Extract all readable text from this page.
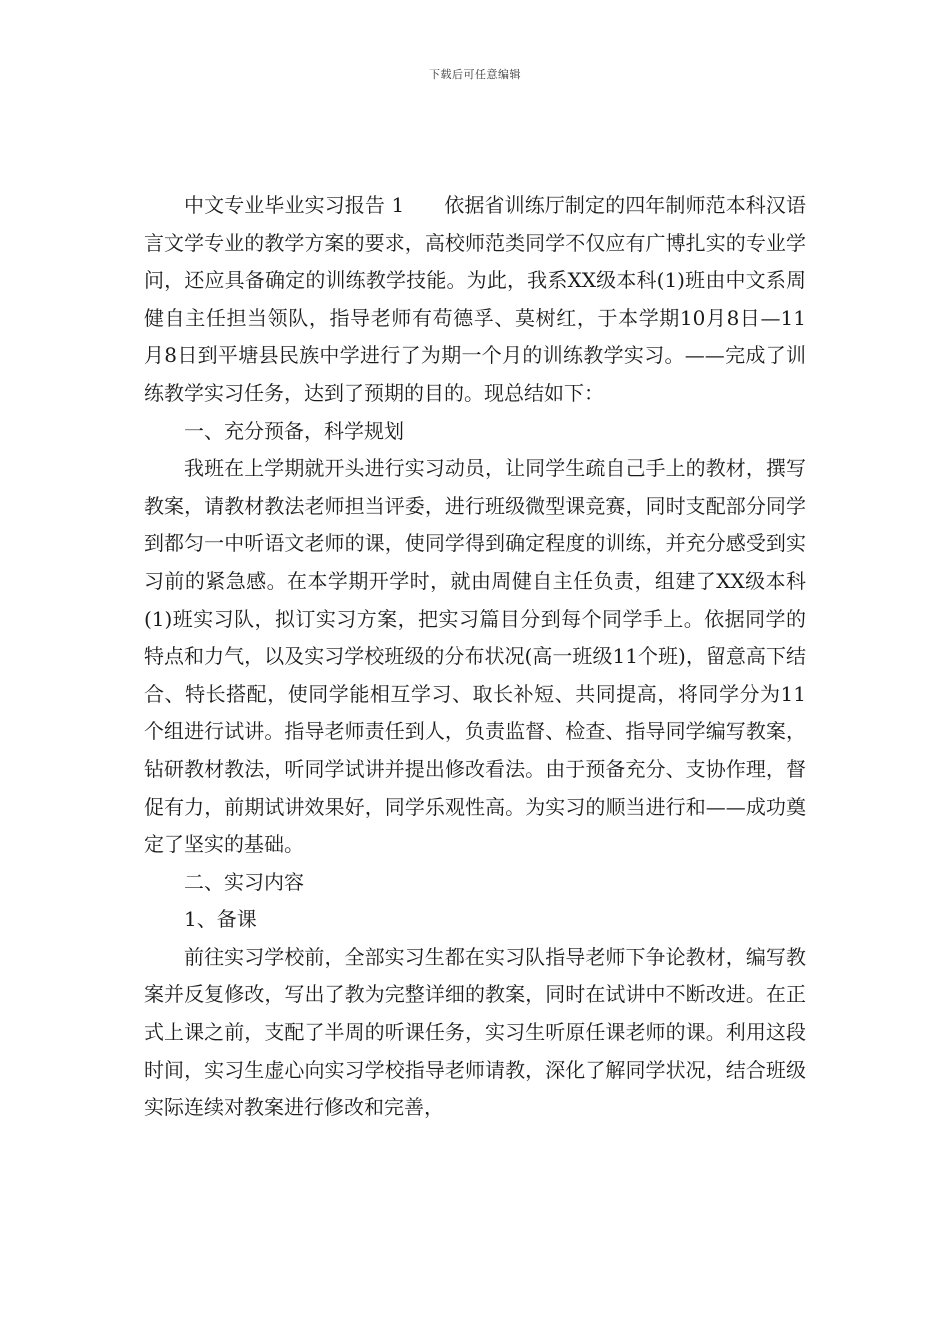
下载后可任意编辑

中文专业毕业实习报告 1 依据省训练厅制定的四年制师范本科汉语言文学专业的教学方案的要求，高校师范类同学不仅应有广博扎实的专业学问，还应具备确定的训练教学技能。为此，我系XX级本科(1)班由中文系周健自主任担当领队，指导老师有苟德孚、莫树红，于本学期10月8日—11月8日到平塘县民族中学进行了为期一个月的训练教学实习。——完成了训练教学实习任务，达到了预期的目的。现总结如下：

一、充分预备，科学规划

我班在上学期就开头进行实习动员，让同学生疏自己手上的教材，撰写教案，请教材教法老师担当评委，进行班级微型课竞赛，同时支配部分同学到都匀一中听语文老师的课，使同学得到确定程度的训练，并充分感受到实习前的紧急感。在本学期开学时，就由周健自主任负责，组建了XX级本科(1)班实习队，拟订实习方案，把实习篇目分到每个同学手上。依据同学的特点和力气，以及实习学校班级的分布状况(高一班级11个班)，留意高下结合、特长搭配，使同学能相互学习、取长补短、共同提高，将同学分为11个组进行试讲。指导老师责任到人，负责监督、检查、指导同学编写教案，钻研教材教法，听同学试讲并提出修改看法。由于预备充分、支协作理，督促有力，前期试讲效果好，同学乐观性高。为实习的顺当进行和——成功奠定了坚实的基础。

二、实习内容

1、备课

前往实习学校前，全部实习生都在实习队指导老师下争论教材，编写教案并反复修改，写出了教为完整详细的教案，同时在试讲中不断改进。在正式上课之前，支配了半周的听课任务，实习生听原任课老师的课。利用这段时间，实习生虚心向实习学校指导老师请教，深化了解同学状况，结合班级实际连续对教案进行修改和完善，
